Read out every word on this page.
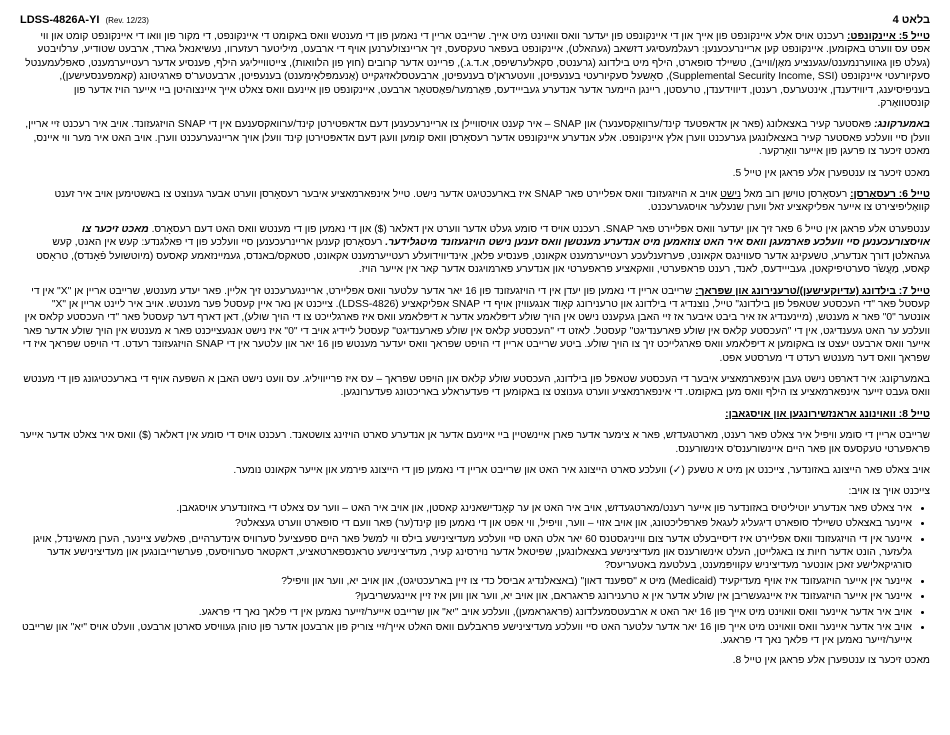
LDSS-4826A-YI (Rev. 12/23)	בלאט 4

טייל 5: איינקונפט: רעכנט אויס אלע איינקונפט פון אייך און די איינקונפט פון יעדער וואס וואוינט מיט אייך. שרייבט אריין די נאמען פון די מענטש וואס באקומט די איינקונפט, די מקור פון וואו די איינקונפט קומט און ווי אפט עס ווערט באקומען. איינקונפט קען אריינרעכענען: רעגלמעסיגע דזשאב (געהאלט), איינקונפט בעפאר טעקסעס, זיך אריינצולערנען אויף די ארבעט, מיליטער רעזערוו, נעשיאנאל גארד, ארבעט שטודיע, ערלויבטע (געלט פון גאווערנמענט/עגענציע מאַן/ווייב), טשיילד סופארט, הילף מיט בילדונג (גרענטס, סקאלערשיפס, א.ד.ג.), פריינט אדער קרובים (חוץ פון הלוואות), צייטווייליגע הילף, פענסיע אדער רעטייערמענט, סאפלעמענטל סעקיורעטי איינקונפט (Supplemental Security Income, SSI), סאָשעל סעקיורעטי בענעפיטן, וועטעראן'ס בענעפיטן, ארבעטסלאזיגקייט (אַנעמפּלאָימענט) בענעפיטן, ארבעטער'ס פארגיטונג (קאמפענסעישען), בעניפיסיענג, דיווידענדן, אינטערעס, רענטן, דיווידענדן, טרעסטן, ריינגן היימער אדער אנדערע געבייידעס, פּאַרמער/פאַסטאָר ארבעט, איינקונפט פון איינעם וואס צאלט אייך איינצוהיטן ביי אייער הויז אדער פון קונסטוואַרק.

באמערקונג: פּאסטער קעיר באצאלונג (פאר אן אדאפטעד קינד/ערוואַקסענער) און SNAP – איר קענט אויסוויילן צו אריינרעכענען דעם אדאפטירטן קינד/ערוואקסענעם אין די SNAP הויזגעזונד. אויב איר רעכנט זיי אריין, וועלן סיי וועלכע פאסטער קעיר באצאלונגען גערעכנט ווערן אלץ איינקונפט. אלע אנדערע איינקונפט אדער רעסאָרסן וואס קומען וועגן דעם אדאפּטירטן קינד וועלן אויך אריינגערעכנט ווערן. אויב האט איר מער ווי איינס, מאכט זיכער צו פרעגן פון אייער וואָרקער.

מאכט זיכער צו ענטפערן אלע פראגן אין טייל 5.

טייל 6: רעסאַרסן: רעסאָרסן טוישן רוב מאל נישט אויב א הויזגעזונד וואס אפליירט פאר SNAP איז בארעכטיגט אדער נישט. טייל אינפארמאציע איבער רעסאָרסן ווערט אבער גענוצט צו באשטימען אויב איר זענט קוואַליפיצירט צו אייער אפליקאציע זאל ווערן שנעלער אויסגערעכנט.

ענטפערט אלע פראגן אין טייל 6 פאר זיך און יעדער וואס אפליירט פאר SNAP. רעכנט אויס די סומע געלט אדער ווערט אין דאלאר ($) און די נאמען פון די מענטש וואס האט דעם רעסאָרס. מאכט זיכער צו אויסצורעכענען סיי וועלכע פארמעגן וואס איר האט צוזאמען מיט אנדערע מענטשן וואס זענען נישט הויזגעזונד מיטגלידער. רעסאָרסן קענען אריינרעכענען סיי וועלכע פון די פאלגנדע: קעש אין האנט, קעש געהאלטן דורך אנדערע, טשעקינג אדער סעווינגס אקאונט, פערזענלעכע רעטייערמענט אקאונט, פענסיע פלאן, אינדיווידועלע רעטייערמענט אקאונט, סטאקס/באנדס, געמיינזאמע קאסעס (מיוטשועל פֿאָנדס), טראָסט קאסע, מַעֲשֹׂר סערטיפיקאטן, געבייידעס, לאנד, רענט פראפערטי, וואקאציע פראפערטי און אנדערע פארמויגנס אדער קאר אין אייער הויז.

טייל 7: בילדונג (עדיוקעישען)/טרענירונג און שפראך: שרייבט אריין די נאמען פון יעדן אין די הויזגעזונד פון 16 יאר אדער עלטער וואס אפליירט, אריינגערעכנט זיך אליין. פאר יעדע מענטש, שרייבט אריין אן "X" אין די קעסטל פאר "די העכסטע שטאפל פון בילדונג" טייל, נוצנדיג די בילדונג און טרענירונג קאָוד אנגעוויזן אויף די SNAP אפליקאציע (LDSS-4826). צייכנט אן נאר איין קעסטל פער מענטש. אויב איר ליינט אריין אן "X" אונטער "0" פאר א מענטש, (מיינענדיג אז איר ביבט איבער אז זיי האבן געקענט נישט אין הויך שולע דיפּלאמע אדער א דיפּלאמע וואס איז פארגלייכט צו די הויך שולע), דאן דארף דער קעסטל פאר "די העכסטע קלאס אין וועלכע ער האט געענדיגט, אין די "העכסטע קלאס אין שולע פארענדיגט" קעסטל. לאזט די "העכסטע קלאס אין שולע פארענדיגט" קעסטל ליידיג אויב די "0" איז נישט אנגעצייכנט פאר א מענטש אין הויך שולע אדער פאר אייער וואס ארבעט יעצט צו באקומען א דיפּלאמע וואס פארגלייכט זיך צו הויך שולע. ביטע שרייבט אריין די הויפט שפראך וואס יעדער מענטש פון 16 יאר און עלטער אין די SNAP הויזגעזונד רעדט. די הויפט שפראך איז די שפראך וואס דער מענטש רעדט די מערסטע אפט.

באמערקונג: איר דארפט נישט געבן אינפארמאציע איבער די העכסטע שטאפל פון בילדונג, העכסטע שולע קלאס און הויפט שפראך – עס איז פרייוויליג. עס וועט נישט האבן א השפעה אויף די בארעכטיגונג פון די מענטש וואס געבט זייער אינפארמאציע צו הילף וואס מען באקומט. די אינפארמאציע ווערט גענוצט צו באקומען די פעדעראלע באריכטונג פעדערונגען.

טייל 8: וואוינונג אראנזשירונגען און אויסגאבן:

שרייבט אריין די סומע וויפיל איר צאלט פאר רענט, מארטגעדזש, פאר א צימער אדער פארן איינשטיין ביי איינעם אדער אן אנדערע סארט הויזינג צושטאנד. רעכנט אויס די סומע אין דאלאר ($) וואס איר צאלט אדער אייער פראפערטי טעקסעס און פאר היים איינשורענס'ס אינשורענס.

אויב צאלט פאר הייצונג באזונדער, צייכנט אן מיט א טשעק (✓) וועלכע סארט הייצונג איר האט און שרייבט אריין די נאמען פון די הייצונג פירמע און אייער אקאונט נומער.

צייכנט אויך צו אויב:

• איר צאלט פאר אנדערע יוטיליטיס באזונדער פון אייער רענט/מארטגעדזש, אויב איר האט אן ער קאָנדישאנינג קאסטן, און אויב איר האט – ווער עס צאלט די באזונדערע אויסגאבן.
• איינער באצאלט טשיילד סופארט דיגעליג לעגאל פארפליכטונג, און אויב אזוי – ווער, וויפיל, ווי אפט און די נאמען פון קינד(ער) פאר וועם די סופארט ווערט געצאלט?
• איינער אין די הויזגעזונד וואס אפליירט איז דיסייבעלט אדער צום ווייניגסטנס 60 יאר אלט האט סיי וועלכע מעדיצינישע בילס ווי למשל פאר היים ספעציעל סערוויס אינדערהיים, פאלשע ציינער, הערן מאשינדל, אויגן גלעזער, הונט אדער חיות צו באגלייטן, העלט אינשורענס און מעדיצינישע באצאלונגען, שפיטאל אדער נוירסינג קעיר, מעדיצינישע טראנספארטאציע, דאקטאר סערוויסעס, פערשרייבונגען און מעדיצינישע אדער סורגיקאלישע זאכן אונטער מעדיציניש עקוויפּמענט, בעלטעמ באטעריעס?
• איינער אין אייער הויזגעזונד איז אויף מעדיקעיד (Medicaid) מיט א "ספּענד דאון" (באצאלנדיג אביסל כדי צו זיין בארעכטיגט), און אויב יא, ווער און וויפיל?
• איינער אין אייער הויזגעזונד איז איינגעשריבן אין שולע אדער אין א טרענירונג פראגראם, און אויב יא, ווער און ווען איז זיין איינגעשריבען?
• אויב איר אדער איינער וואס וואוינט מיט אייך פון 16 יאר האט א ארבעטסמעלדונג (פראגראמען), וועלכע אויב "יא" און שרייבט אייער/זייער נאמען אין די פלאך נאך די פראגע.
• אויב איר אדער איינער וואס וואוינט מיט אייך פון 16 יאר אדער עלטער האט סיי וועלכע מעדיצינישע פראבלעם וואס האלט אייך/זיי צוריק פון ארבעטן אדער פון טוהן געוויסע סארטן ארבעט, וועלט אויס "יא" און שרייבט אייער/זייער נאמען אין די פלאך נאך די פראגע.

מאכט זיכער צו ענטפערן אלע פראגן אין טייל 8.
